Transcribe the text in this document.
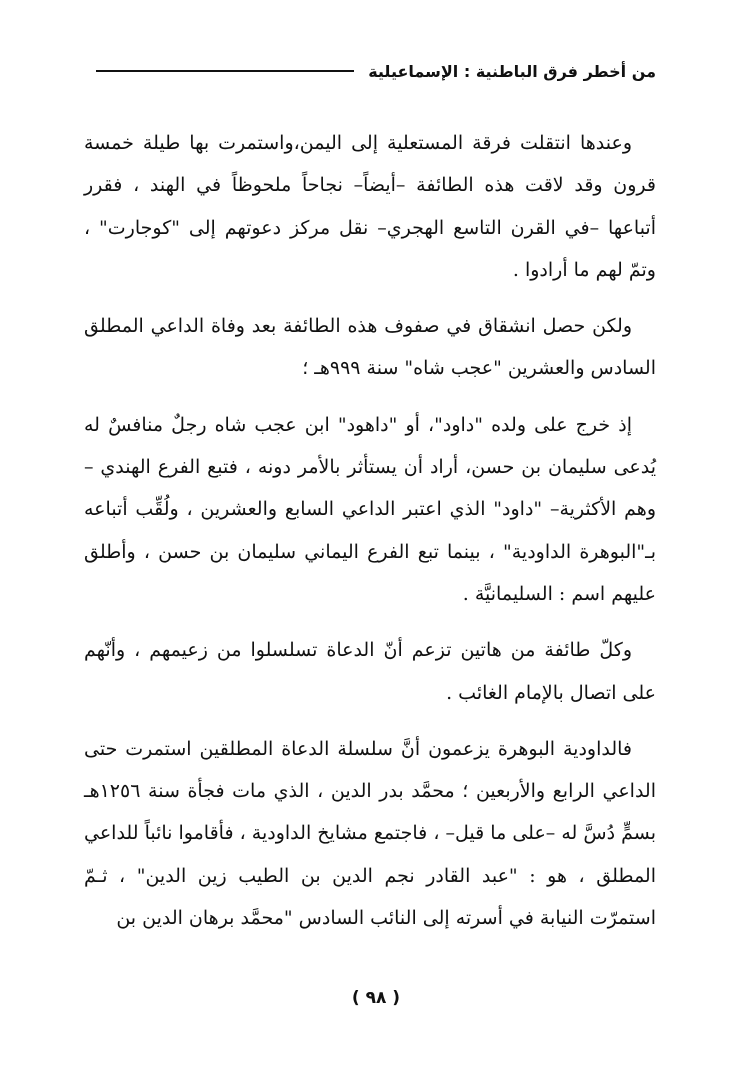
من أخطر فرق الباطنية : الإسماعيلية

وعندها انتقلت فرقة المستعلية إلى اليمن،واستمرت بها طيلة خمسة قرون وقد لاقت هذه الطائفة –أيضاً– نجاحاً ملحوظاً في الهند ، فقرر أتباعها –في القرن التاسع الهجري– نقل مركز دعوتهم إلى "كوجارت" ، وتمّ لهم ما أرادوا .

ولكن حصل انشقاق في صفوف هذه الطائفة بعد وفاة الداعي المطلق السادس والعشرين "عجب شاه" سنة ٩٩٩هـ ؛

إذ خرج على ولده "داود"، أو "داهود" ابن عجب شاه رجلٌ منافسٌ له يُدعى سليمان بن حسن، أراد أن يستأثر بالأمر دونه ، فتبع الفرع الهندي –وهم الأكثرية– "داود" الذي اعتبر الداعي السابع والعشرين ، ولُقِّب أتباعه بـ"البوهرة الداودية" ، بينما تبع الفرع اليماني سليمان بن حسن ، وأطلق عليهم اسم : السليمانيَّة .

وكلّ طائفة من هاتين تزعم أنّ الدعاة تسلسلوا من زعيمهم ، وأنّهم على اتصال بالإمام الغائب .

فالداودية البوهرة يزعمون أنَّ سلسلة الدعاة المطلقين استمرت حتى الداعي الرابع والأربعين ؛ محمَّد بدر الدين ، الذي مات فجأة سنة ١٢٥٦هـ بسمٍّ دُسَّ له –على ما قيل– ، فاجتمع مشايخ الداودية ، فأقاموا نائباً للداعي المطلق ، هو : "عبد القادر نجم الدين بن الطيب زين الدين" ، ثـمّ استمرّت النيابة في أسرته إلى النائب السادس "محمَّد برهان الدين بن

( ٩٨ )
